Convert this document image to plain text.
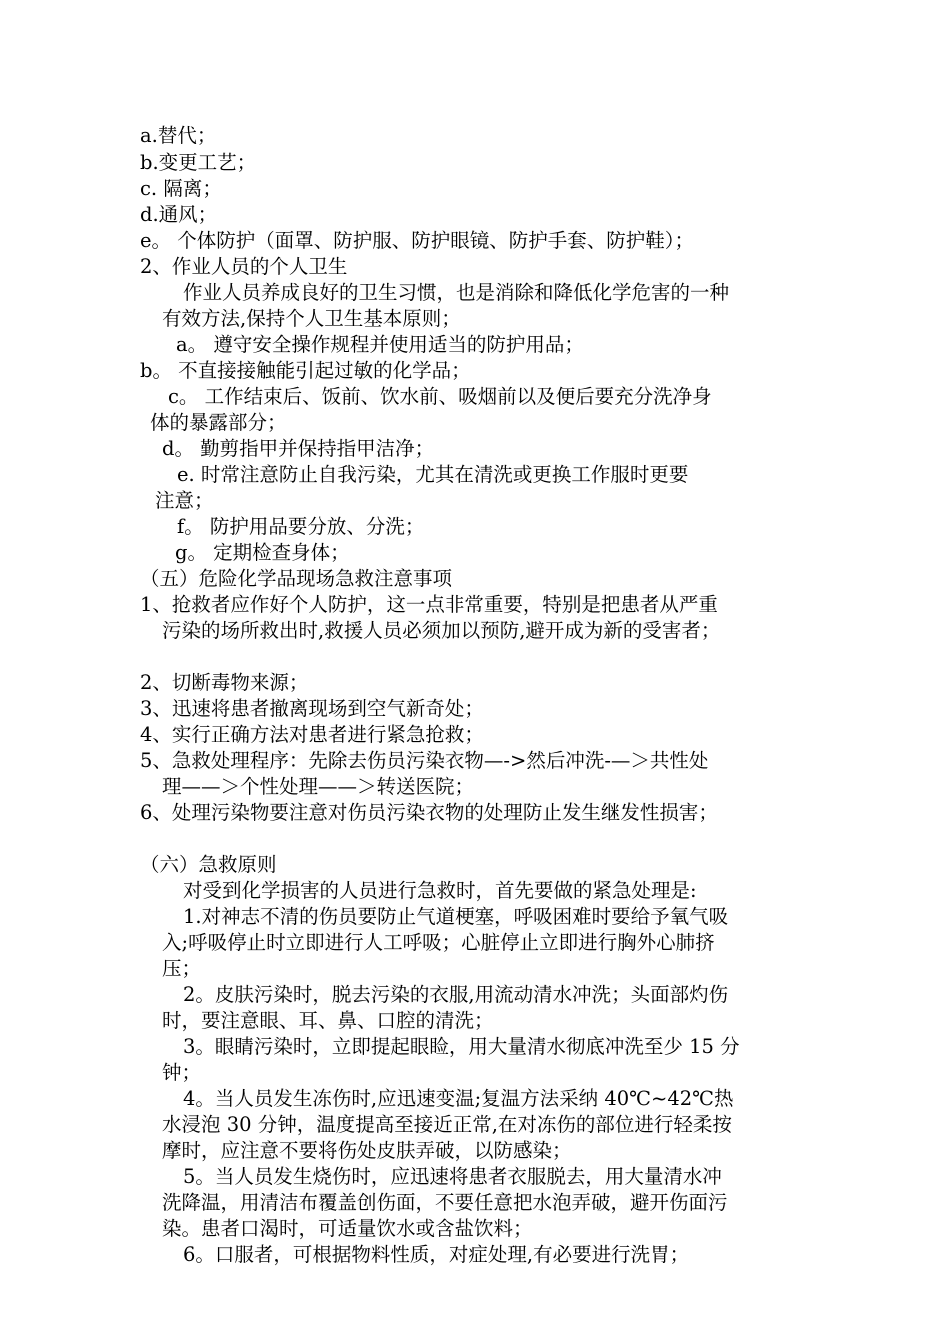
a.替代；
b.变更工艺；
c. 隔离；
d.通风；
e。 个体防护（面罩、防护服、防护眼镜、防护手套、防护鞋）；
2、作业人员的个人卫生
作业人员养成良好的卫生习惯，也是消除和降低化学危害的一种
有效方法,保持个人卫生基本原则；
a。 遵守安全操作规程并使用适当的防护用品；
b。 不直接接触能引起过敏的化学品；
c。 工作结束后、饭前、饮水前、吸烟前以及便后要充分洗净身
体的暴露部分；
d。 勤剪指甲并保持指甲洁净；
e. 时常注意防止自我污染，尤其在清洗或更换工作服时更要
注意；
f。 防护用品要分放、分洗；
g。 定期检查身体；
（五）危险化学品现场急救注意事项
1、抢救者应作好个人防护，这一点非常重要，特别是把患者从严重
污染的场所救出时,救援人员必须加以预防,避开成为新的受害者；
2、切断毒物来源；
3、迅速将患者撤离现场到空气新奇处；
4、实行正确方法对患者进行紧急抢救；
5、急救处理程序：先除去伤员污染衣物—->然后冲洗-—＞共性处
理——＞个性处理——＞转送医院；
6、处理污染物要注意对伤员污染衣物的处理防止发生继发性损害；
（六）急救原则
对受到化学损害的人员进行急救时，首先要做的紧急处理是:
1.对神志不清的伤员要防止气道梗塞，呼吸困难时要给予氧气吸
入;呼吸停止时立即进行人工呼吸；心脏停止立即进行胸外心肺挤
压；
2。皮肤污染时，脱去污染的衣服,用流动清水冲洗；头面部灼伤
时，要注意眼、耳、鼻、口腔的清洗；
3。眼睛污染时，立即提起眼睑，用大量清水彻底冲洗至少 15 分
钟；
4。当人员发生冻伤时,应迅速变温;复温方法采纳 40℃~42℃热
水浸泡 30 分钟，温度提高至接近正常,在对冻伤的部位进行轻柔按
摩时，应注意不要将伤处皮肤弄破，以防感染；
5。当人员发生烧伤时，应迅速将患者衣服脱去，用大量清水冲
洗降温，用清洁布覆盖创伤面，不要任意把水泡弄破，避开伤面污
染。患者口渴时，可适量饮水或含盐饮料；
6。口服者，可根据物料性质，对症处理,有必要进行洗胃；
